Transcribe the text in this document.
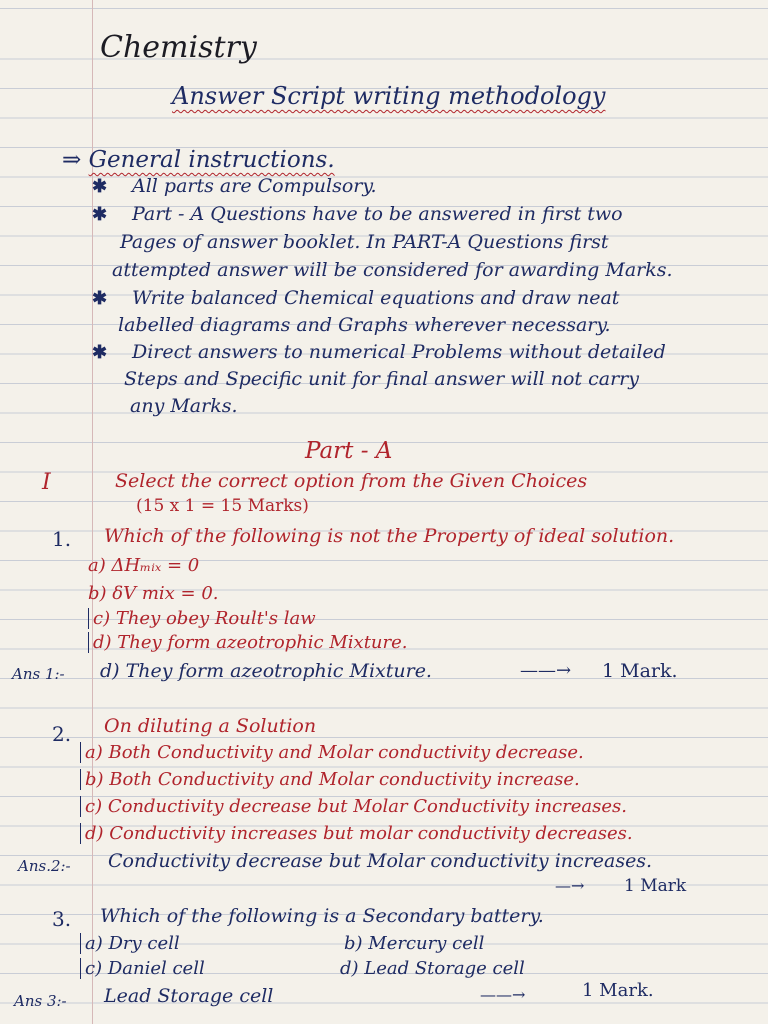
Chemistry
Answer Script writing methodology
⇒ General instructions.
✱ All parts are Compulsory.
✱ Part - A Questions have to be answered in first two
Pages of answer booklet. In PART-A Questions first
attempted answer will be considered for awarding Marks.
✱ Write balanced Chemical equations and draw neat
labelled diagrams and Graphs wherever necessary.
✱ Direct answers to numerical Problems without detailed
Steps and Specific unit for final answer will not carry
any Marks.
Part - A
I	Select the correct option from the Given Choices
(15 x 1 = 15 Marks)
1. Which of the following is not the Property of ideal solution.
a) ΔHₘᵢₓ = 0
b) δV mix = 0.
c) They obey Roult's law
d) They form azeotrophic Mixture.
Ans 1:- d) They form azeotrophic Mixture.	——→ 1 Mark.
2. On diluting a Solution
a) Both Conductivity and Molar conductivity decrease.
b) Both Conductivity and Molar conductivity increase.
c) Conductivity decrease but Molar Conductivity increases.
d) Conductivity increases but molar conductivity decreases.
Ans.2:- Conductivity decrease but Molar conductivity increases.
—→ 1 Mark
3. Which of the following is a Secondary battery.
a) Dry cell	b) Mercury cell
c) Daniel cell	d) Lead Storage cell
Ans 3:- Lead Storage cell	——→	1 Mark.
